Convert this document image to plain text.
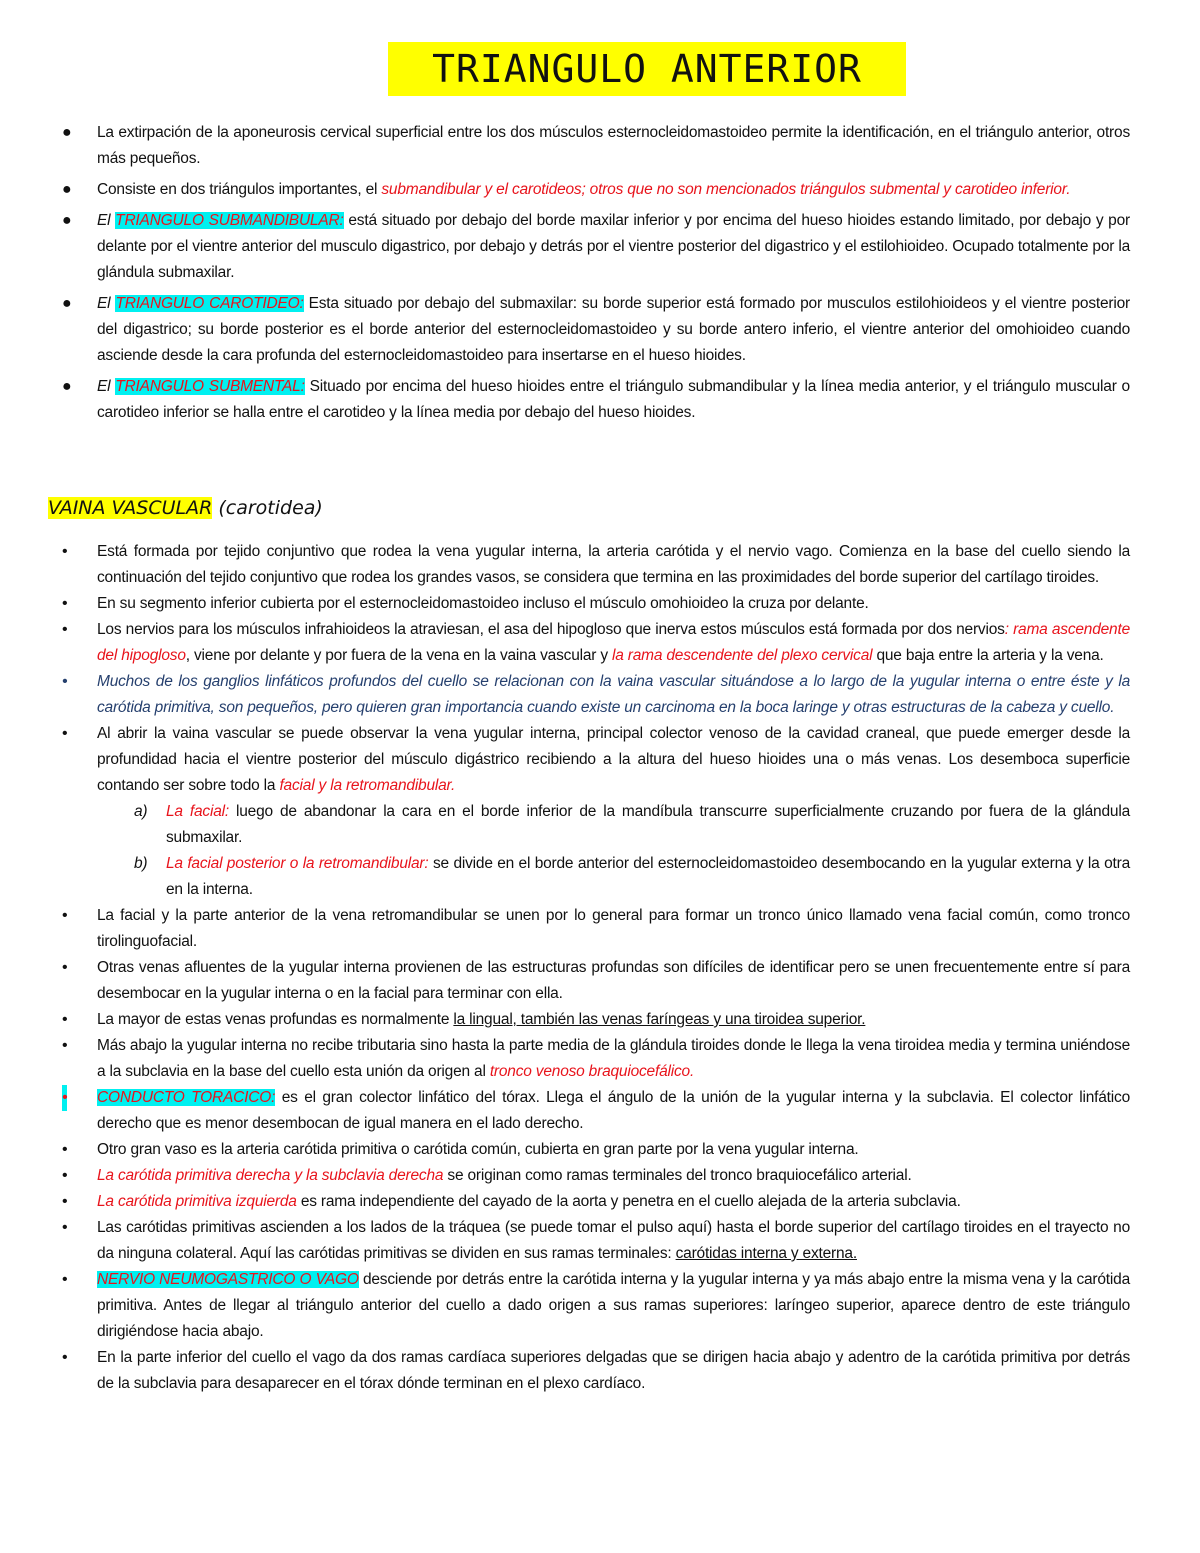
TRIANGULO ANTERIOR
● La extirpación de la aponeurosis cervical superficial entre los dos músculos esternocleidomastoideo permite la identificación, en el triángulo anterior, otros más pequeños.
● Consiste en dos triángulos importantes, el submandibular y el carotideos; otros que no son mencionados triángulos submental y carotideo inferior.
● El TRIANGULO SUBMANDIBULAR: está situado por debajo del borde maxilar inferior y por encima del hueso hioides estando limitado, por debajo y por delante por el vientre anterior del musculo digastrico, por debajo y detrás por el vientre posterior del digastrico y el estilohioideo. Ocupado totalmente por la glándula submaxilar.
● El TRIANGULO CAROTIDEO: Esta situado por debajo del submaxilar: su borde superior está formado por musculos estilohioideos y el vientre posterior del digastrico; su borde posterior es el borde anterior del esternocleidomastoideo y su borde antero inferio, el vientre anterior del omohioideo cuando asciende desde la cara profunda del esternocleidomastoideo para insertarse en el hueso hioides.
● El TRIANGULO SUBMENTAL: Situado por encima del hueso hioides entre el triángulo submandibular y la línea media anterior, y el triángulo muscular o carotideo inferior se halla entre el carotideo y la línea media por debajo del hueso hioides.
VAINA VASCULAR (carotidea)
• Está formada por tejido conjuntivo que rodea la vena yugular interna, la arteria carótida y el nervio vago. Comienza en la base del cuello siendo la continuación del tejido conjuntivo que rodea los grandes vasos, se considera que termina en las proximidades del borde superior del cartílago tiroides.
• En su segmento inferior cubierta por el esternocleidomastoideo incluso el músculo omohioideo la cruza por delante.
• Los nervios para los músculos infrahioideos la atraviesan, el asa del hipogloso que inerva estos músculos está formada por dos nervios: rama ascendente del hipogloso, viene por delante y por fuera de la vena en la vaina vascular y la rama descendente del plexo cervical que baja entre la arteria y la vena.
• Muchos de los ganglios linfáticos profundos del cuello se relacionan con la vaina vascular situándose a lo largo de la yugular interna o entre éste y la carótida primitiva, son pequeños, pero quieren gran importancia cuando existe un carcinoma en la boca laringe y otras estructuras de la cabeza y cuello.
• Al abrir la vaina vascular se puede observar la vena yugular interna, principal colector venoso de la cavidad craneal, que puede emerger desde la profundidad hacia el vientre posterior del músculo digástrico recibiendo a la altura del hueso hioides una o más venas. Los desemboca superficie contando ser sobre todo la facial y la retromandibular.
a) La facial: luego de abandonar la cara en el borde inferior de la mandíbula transcurre superficialmente cruzando por fuera de la glándula submaxilar.
b) La facial posterior o la retromandibular: se divide en el borde anterior del esternocleidomastoideo desembocando en la yugular externa y la otra en la interna.
• La facial y la parte anterior de la vena retromandibular se unen por lo general para formar un tronco único llamado vena facial común, como tronco tirolinguofacial.
• Otras venas afluentes de la yugular interna provienen de las estructuras profundas son difíciles de identificar pero se unen frecuentemente entre sí para desembocar en la yugular interna o en la facial para terminar con ella.
• La mayor de estas venas profundas es normalmente la lingual, también las venas faríngeas y una tiroidea superior.
• Más abajo la yugular interna no recibe tributaria sino hasta la parte media de la glándula tiroides donde le llega la vena tiroidea media y termina uniéndose a la subclavia en la base del cuello esta unión da origen al tronco venoso braquiocefálico.
• CONDUCTO TORACICO: es el gran colector linfático del tórax. Llega el ángulo de la unión de la yugular interna y la subclavia. El colector linfático derecho que es menor desembocan de igual manera en el lado derecho.
• Otro gran vaso es la arteria carótida primitiva o carótida común, cubierta en gran parte por la vena yugular interna.
• La carótida primitiva derecha y la subclavia derecha se originan como ramas terminales del tronco braquiocefálico arterial.
• La carótida primitiva izquierda es rama independiente del cayado de la aorta y penetra en el cuello alejada de la arteria subclavia.
• Las carótidas primitivas ascienden a los lados de la tráquea (se puede tomar el pulso aquí) hasta el borde superior del cartílago tiroides en el trayecto no da ninguna colateral. Aquí las carótidas primitivas se dividen en sus ramas terminales: carótidas interna y externa.
• NERVIO NEUMOGASTRICO O VAGO desciende por detrás entre la carótida interna y la yugular interna y ya más abajo entre la misma vena y la carótida primitiva. Antes de llegar al triángulo anterior del cuello a dado origen a sus ramas superiores: laríngeo superior, aparece dentro de este triángulo dirigiéndose hacia abajo.
• En la parte inferior del cuello el vago da dos ramas cardíaca superiores delgadas que se dirigen hacia abajo y adentro de la carótida primitiva por detrás de la subclavia para desaparecer en el tórax dónde terminan en el plexo cardíaco.
